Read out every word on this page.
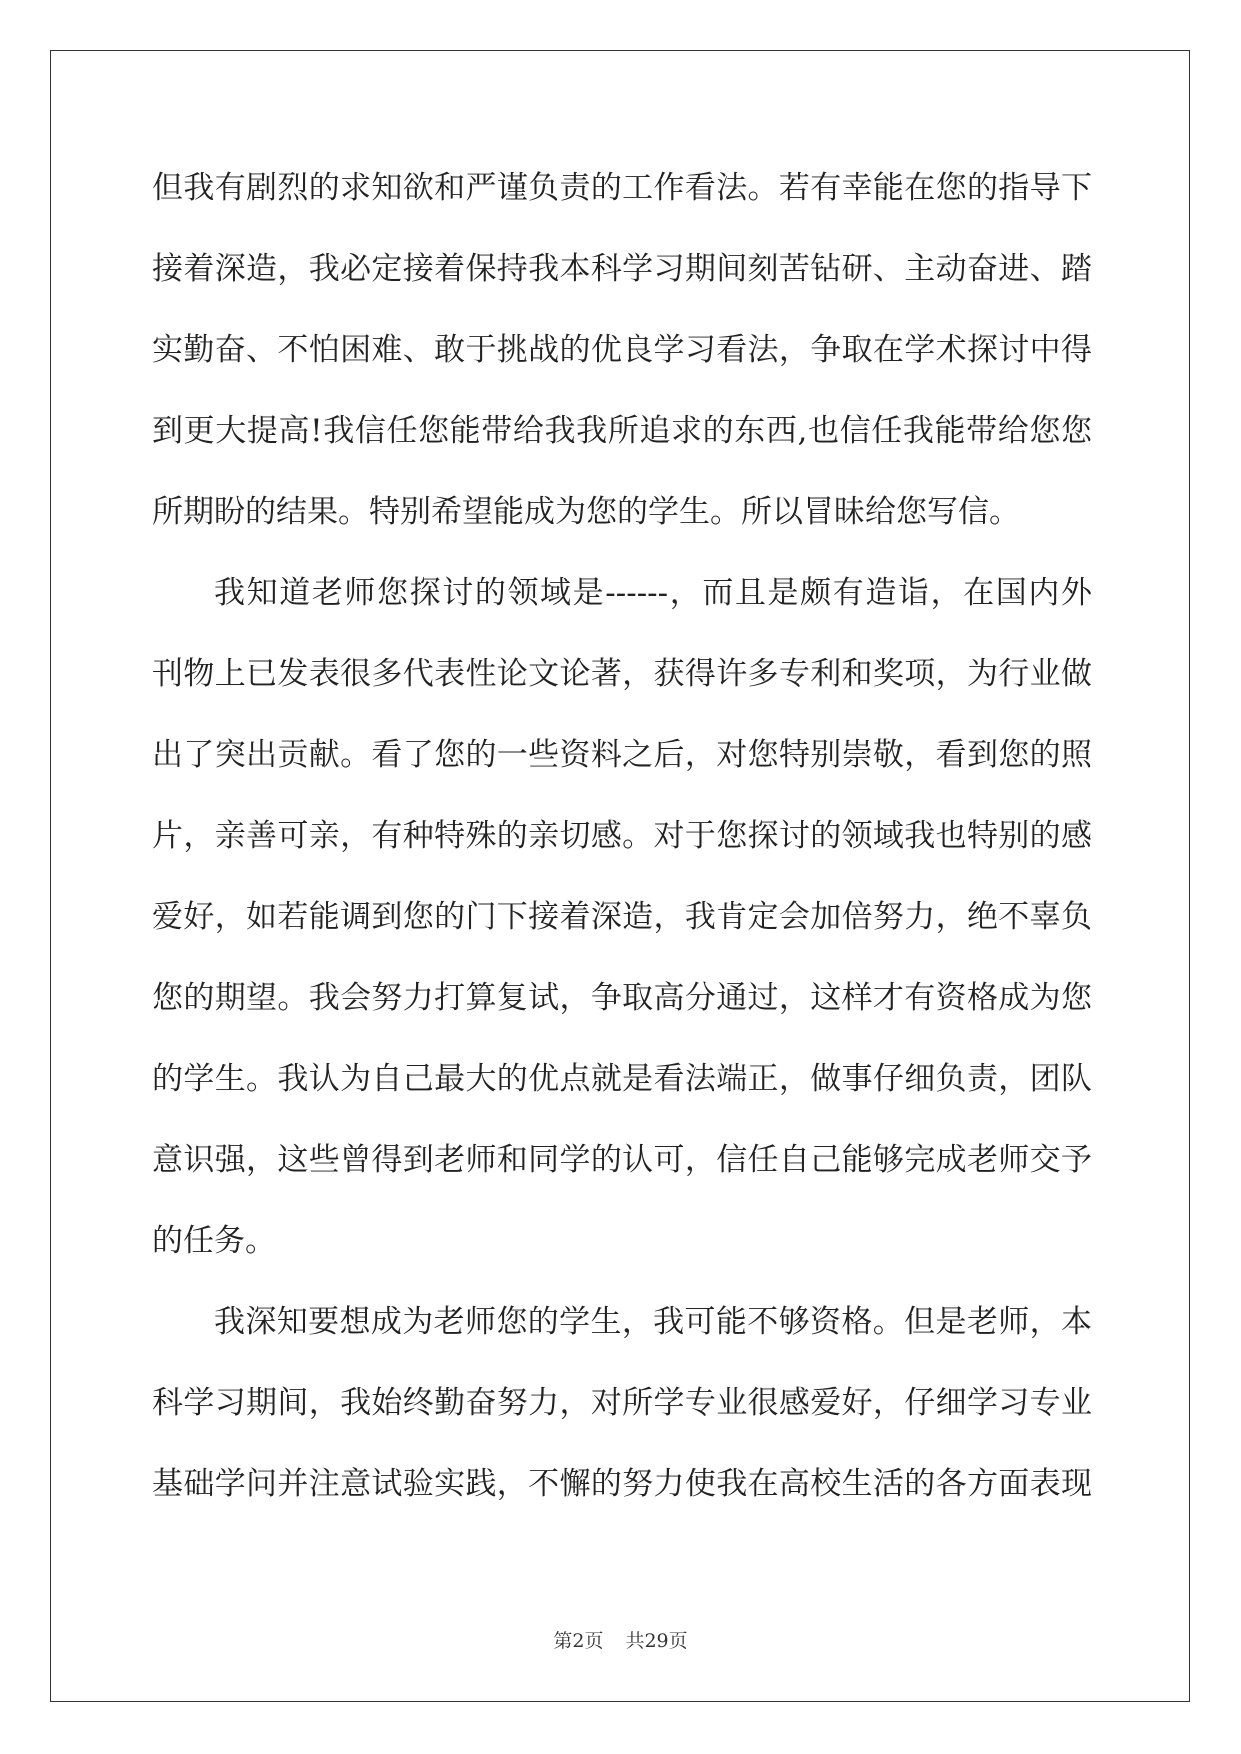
但我有剧烈的求知欲和严谨负责的工作看法。若有幸能在您的指导下
接着深造，我必定接着保持我本科学习期间刻苦钻研、主动奋进、踏
实勤奋、不怕困难、敢于挑战的优良学习看法，争取在学术探讨中得
到更大提高!我信任您能带给我我所追求的东西,也信任我能带给您您
所期盼的结果。特别希望能成为您的学生。所以冒昧给您写信。
我知道老师您探讨的领域是------，而且是颇有造诣，在国内外
刊物上已发表很多代表性论文论著，获得许多专利和奖项，为行业做
出了突出贡献。看了您的一些资料之后，对您特别崇敬，看到您的照
片，亲善可亲，有种特殊的亲切感。对于您探讨的领域我也特别的感
爱好，如若能调到您的门下接着深造，我肯定会加倍努力，绝不辜负
您的期望。我会努力打算复试，争取高分通过，这样才有资格成为您
的学生。我认为自己最大的优点就是看法端正，做事仔细负责，团队
意识强，这些曾得到老师和同学的认可，信任自己能够完成老师交予
的任务。
我深知要想成为老师您的学生，我可能不够资格。但是老师，本
科学习期间，我始终勤奋努力，对所学专业很感爱好，仔细学习专业
基础学问并注意试验实践，不懈的努力使我在高校生活的各方面表现
第2页 共29页
